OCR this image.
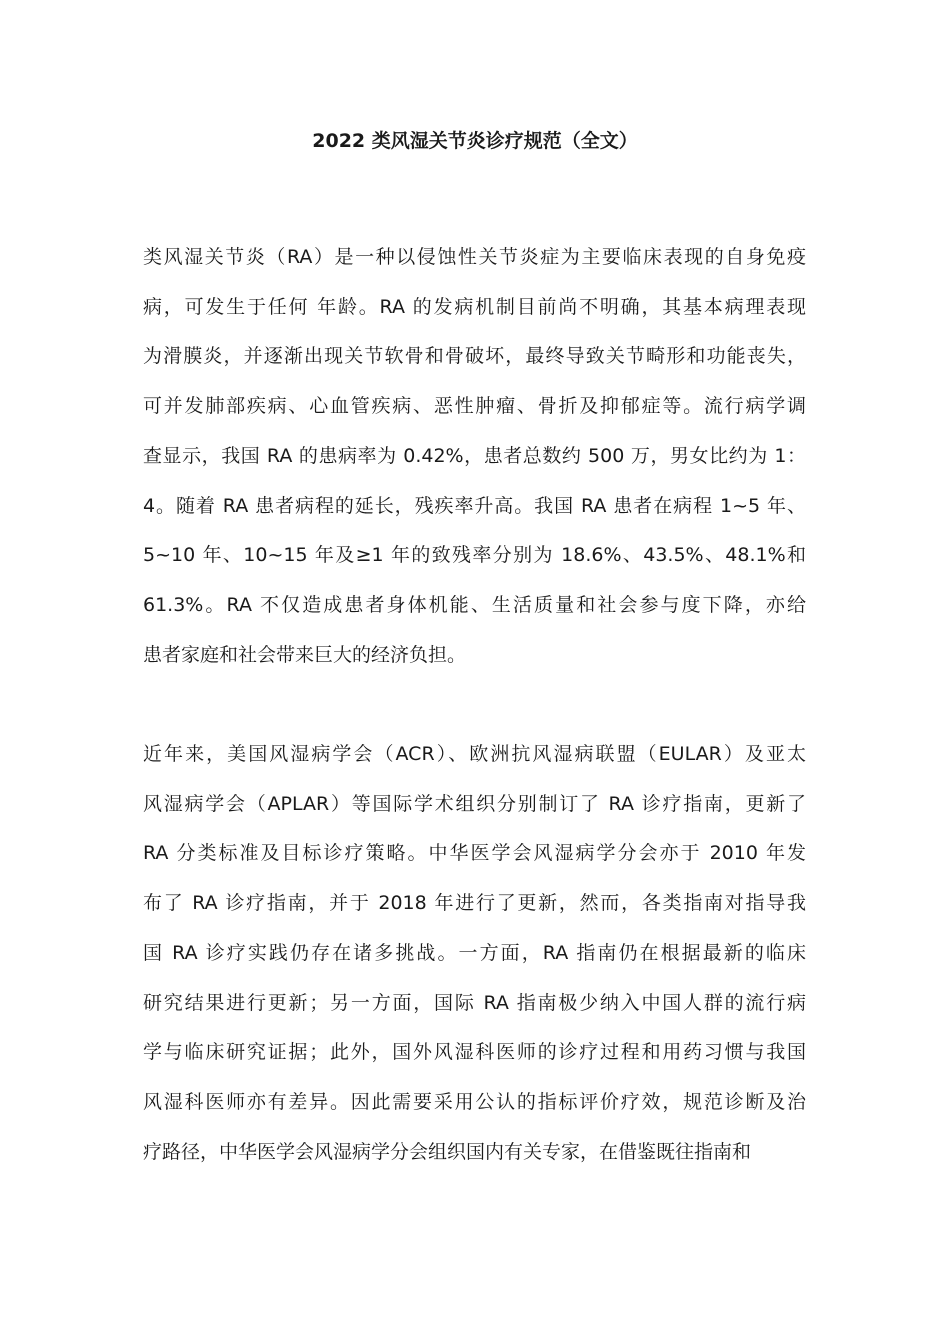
2022 类风湿关节炎诊疗规范（全文）
类风湿关节炎（RA）是一种以侵蚀性关节炎症为主要临床表现的自身免疫
病，可发生于任何 年龄。RA 的发病机制目前尚不明确，其基本病理表现
为滑膜炎，并逐渐出现关节软骨和骨破坏，最终导致关节畸形和功能丧失，
可并发肺部疾病、心血管疾病、恶性肿瘤、骨折及抑郁症等。流行病学调
查显示，我国 RA 的患病率为 0.42%，患者总数约 500 万，男女比约为 1：
4。随着 RA 患者病程的延长，残疾率升高。我国 RA 患者在病程 1~5 年、
5~10 年、10~15 年及≥1 年的致残率分别为 18.6%、43.5%、48.1%和
61.3%。RA 不仅造成患者身体机能、生活质量和社会参与度下降，亦给
患者家庭和社会带来巨大的经济负担。
近年来，美国风湿病学会（ACR）、欧洲抗风湿病联盟（EULAR）及亚太
风湿病学会（APLAR）等国际学术组织分别制订了 RA 诊疗指南，更新了
RA 分类标准及目标诊疗策略。中华医学会风湿病学分会亦于 2010 年发
布了 RA 诊疗指南，并于 2018 年进行了更新，然而，各类指南对指导我
国 RA 诊疗实践仍存在诸多挑战。一方面，RA 指南仍在根据最新的临床
研究结果进行更新；另一方面，国际 RA 指南极少纳入中国人群的流行病
学与临床研究证据；此外，国外风湿科医师的诊疗过程和用药习惯与我国
风湿科医师亦有差异。因此需要采用公认的指标评价疗效，规范诊断及治
疗路径，中华医学会风湿病学分会组织国内有关专家，在借鉴既往指南和
